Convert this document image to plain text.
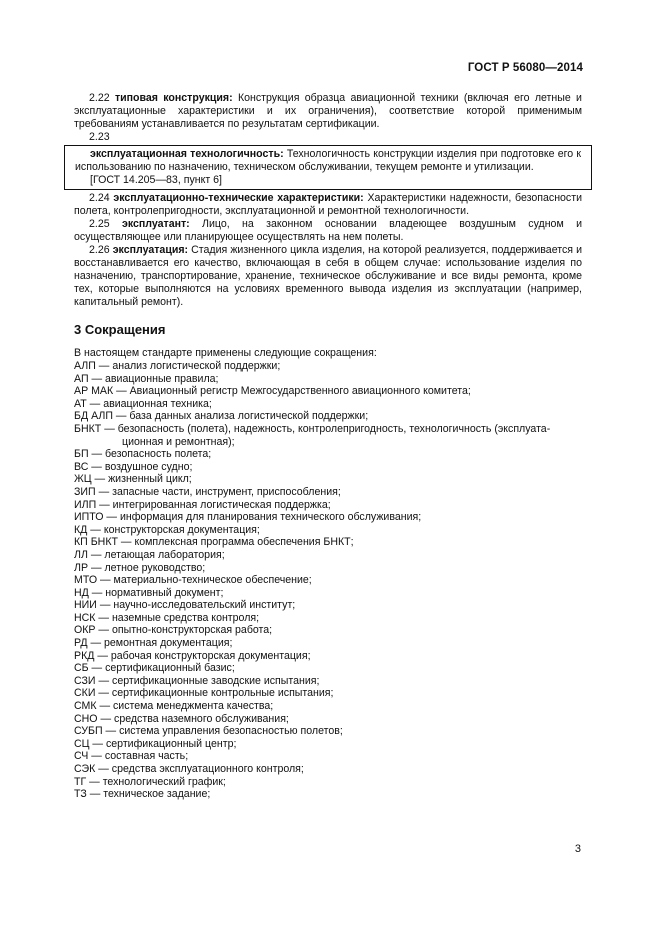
ГОСТ Р 56080—2014

2.22 типовая конструкция: Конструкция образца авиационной техники (включая его летные и эксплуатационные характеристики и их ограничения), соответствие которой применимым требованиям устанавливается по результатам сертификации.

2.23

эксплуатационная технологичность: Технологичность конструкции изделия при подготовке его к использованию по назначению, техническом обслуживании, текущем ремонте и утилизации.

[ГОСТ 14.205—83, пункт 6]

2.24 эксплуатационно-технические характеристики: Характеристики надежности, безопасности полета, контролепригодности, эксплуатационной и ремонтной технологичности.

2.25 эксплуатант: Лицо, на законном основании владеющее воздушным судном и осуществляющее или планирующее осуществлять на нем полеты.

2.26 эксплуатация: Стадия жизненного цикла изделия, на которой реализуется, поддерживается и восстанавливается его качество, включающая в себя в общем случае: использование изделия по назначению, транспортирование, хранение, техническое обслуживание и все виды ремонта, кроме тех, которые выполняются на условиях временного вывода изделия из эксплуатации (например, капитальный ремонт).

3 Сокращения

В настоящем стандарте применены следующие сокращения:

АЛП — анализ логистической поддержки;
АП — авиационные правила;
АР МАК — Авиационный регистр Межгосударственного авиационного комитета;
АТ — авиационная техника;
БД АЛП — база данных анализа логистической поддержки;
БНКТ — безопасность (полета), надежность, контролепригодность, технологичность (эксплуата-
ционная и ремонтная);
БП — безопасность полета;
ВС — воздушное судно;
ЖЦ — жизненный цикл;
ЗИП — запасные части, инструмент, приспособления;
ИЛП — интегрированная логистическая поддержка;
ИПТО — информация для планирования технического обслуживания;
КД — конструкторская документация;
КП БНКТ — комплексная программа обеспечения БНКТ;
ЛЛ — летающая лаборатория;
ЛР — летное руководство;
МТО — материально-техническое обеспечение;
НД — нормативный документ;
НИИ — научно-исследовательский институт;
НСК — наземные средства контроля;
ОКР — опытно-конструкторская работа;
РД — ремонтная документация;
РКД — рабочая конструкторская документация;
СБ — сертификационный базис;
СЗИ — сертификационные заводские испытания;
СКИ — сертификационные контрольные испытания;
СМК — система менеджмента качества;
СНО — средства наземного обслуживания;
СУБП — система управления безопасностью полетов;
СЦ — сертификационный центр;
СЧ — составная часть;
СЭК — средства эксплуатационного контроля;
ТГ — технологический график;
ТЗ — техническое задание;
3
